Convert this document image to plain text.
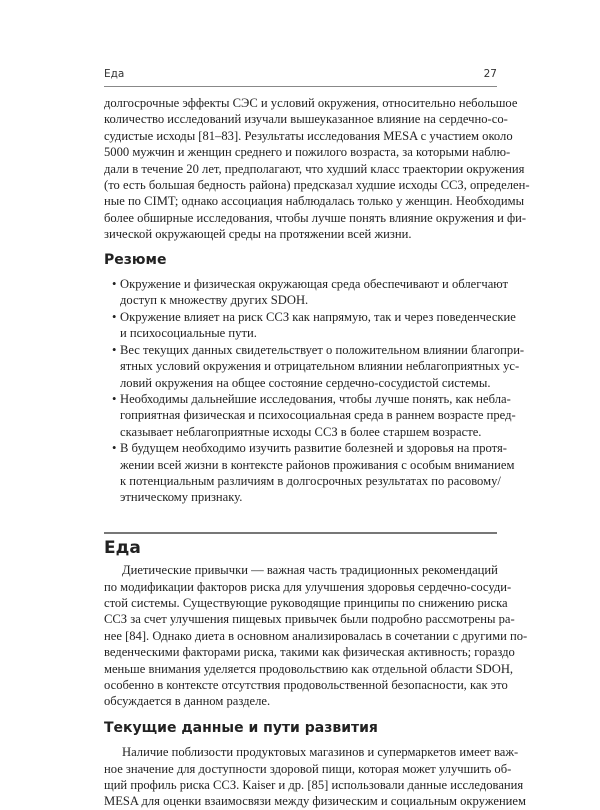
Еда	27
долгосрочные эффекты СЭС и условий окружения, относительно небольшое
количество исследований изучали вышеуказанное влияние на сердечно-со-
судистые исходы [81–83]. Результаты исследования MESA с участием около
5000 мужчин и женщин среднего и пожилого возраста, за которыми наблю-
дали в течение 20 лет, предполагают, что худший класс траектории окружения
(то есть большая бедность района) предсказал худшие исходы ССЗ, определен-
ные по CIMT; однако ассоциация наблюдалась только у женщин. Необходимы
более обширные исследования, чтобы лучше понять влияние окружения и фи-
зической окружающей среды на протяжении всей жизни.
Резюме
• Окружение и физическая окружающая среда обеспечивают и облегчают
доступ к множеству других SDOH.
• Окружение влияет на риск ССЗ как напрямую, так и через поведенческие
и психосоциальные пути.
• Вес текущих данных свидетельствует о положительном влиянии благопри-
ятных условий окружения и отрицательном влиянии неблагоприятных ус-
ловий окружения на общее состояние сердечно-сосудистой системы.
• Необходимы дальнейшие исследования, чтобы лучше понять, как небла-
гоприятная физическая и психосоциальная среда в раннем возрасте пред-
сказывает неблагоприятные исходы ССЗ в более старшем возрасте.
• В будущем необходимо изучить развитие болезней и здоровья на протя-
жении всей жизни в контексте районов проживания с особым вниманием
к потенциальным различиям в долгосрочных результатах по расовому/
этническому признаку.
Еда
Диетические привычки — важная часть традиционных рекомендаций
по модификации факторов риска для улучшения здоровья сердечно-сосуди-
стой системы. Существующие руководящие принципы по снижению риска
ССЗ за счет улучшения пищевых привычек были подробно рассмотрены ра-
нее [84]. Однако диета в основном анализировалась в сочетании с другими по-
веденческими факторами риска, такими как физическая активность; гораздо
меньше внимания уделяется продовольствию как отдельной области SDOH,
особенно в контексте отсутствия продовольственной безопасности, как это
обсуждается в данном разделе.
Текущие данные и пути развития
Наличие поблизости продуктовых магазинов и супермаркетов имеет важ-
ное значение для доступности здоровой пищи, которая может улучшить об-
щий профиль риска ССЗ. Kaiser и др. [85] использовали данные исследования
MESA для оценки взаимосвязи между физическим и социальным окружением
